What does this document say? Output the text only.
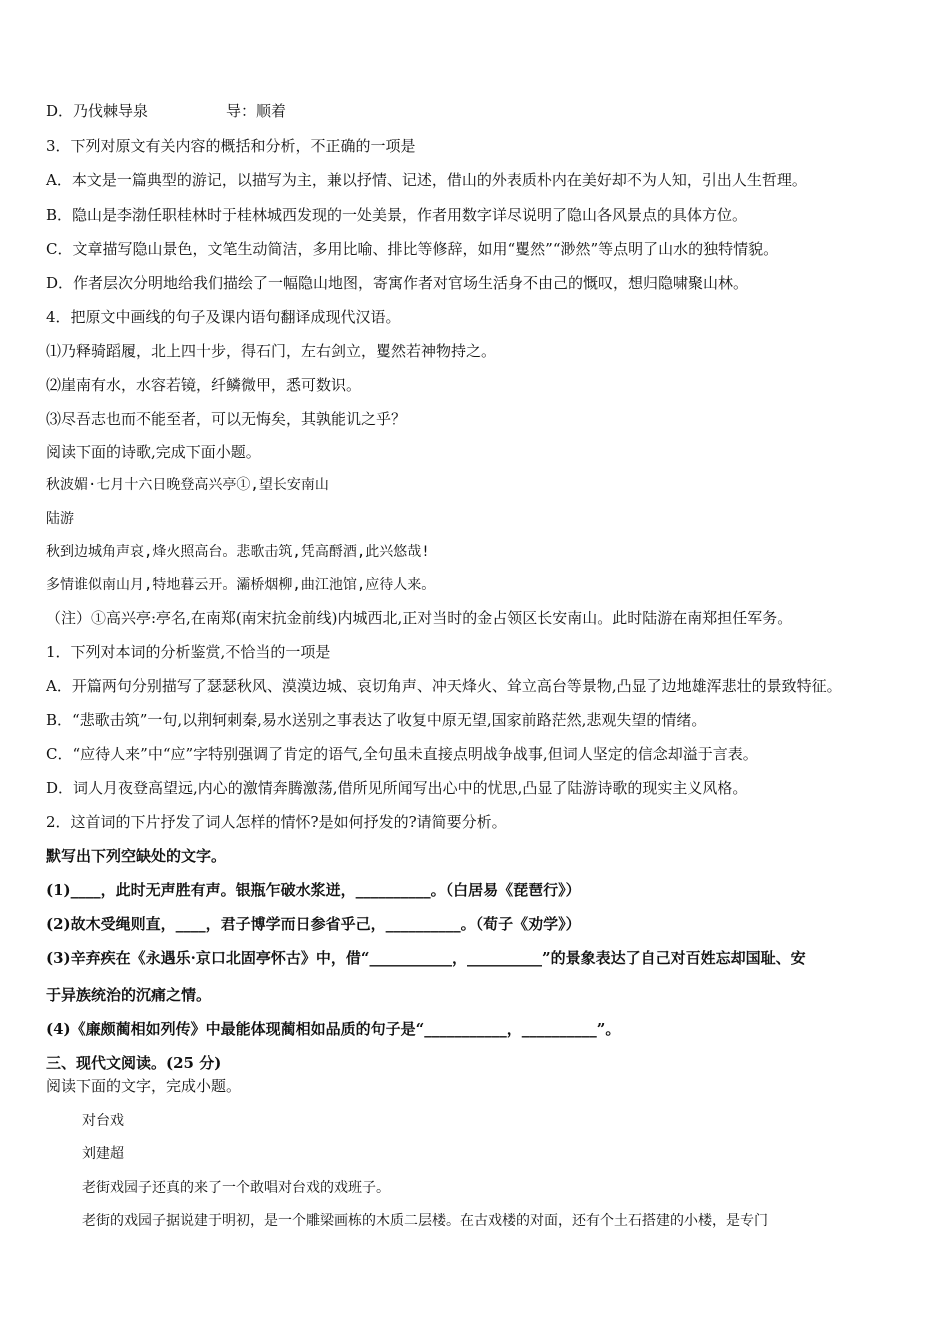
D．乃伐棘导泉	导：顺着
3．下列对原文有关内容的概括和分析，不正确的一项是
A．本文是一篇典型的游记，以描写为主，兼以抒情、记述，借山的外表质朴内在美好却不为人知，引出人生哲理。
B．隐山是李渤任职桂林时于桂林城西发现的一处美景，作者用数字详尽说明了隐山各风景点的具体方位。
C．文章描写隐山景色，文笔生动简洁，多用比喻、排比等修辞，如用“矍然”“渺然”等点明了山水的独特情貌。
D．作者层次分明地给我们描绘了一幅隐山地图，寄寓作者对官场生活身不由己的慨叹，想归隐啸聚山林。
4．把原文中画线的句子及课内语句翻译成现代汉语。
⑴乃释骑蹈履，北上四十步，得石门，左右剑立，矍然若神物持之。
⑵崖南有水，水容若镜，纤鳞微甲，悉可数识。
⑶尽吾志也而不能至者，可以无悔矣，其孰能讥之乎？
阅读下面的诗歌,完成下面小题。
秋波媚·七月十六日晚登高兴亭①,望长安南山
陆游
秋到边城角声哀,烽火照高台。悲歌击筑,凭高酹酒,此兴悠哉!
多情谁似南山月,特地暮云开。灞桥烟柳,曲江池馆,应待人来。
（注）①高兴亭:亭名,在南郑(南宋抗金前线)内城西北,正对当时的金占领区长安南山。此时陆游在南郑担任军务。
1．下列对本词的分析鉴赏,不恰当的一项是
A．开篇两句分别描写了瑟瑟秋风、漠漠边城、哀切角声、冲天烽火、耸立高台等景物,凸显了边地雄浑悲壮的景致特征。
B．“悲歌击筑”一句,以荆轲刺秦,易水送别之事表达了收复中原无望,国家前路茫然,悲观失望的情绪。
C．“应待人来”中“应”字特别强调了肯定的语气,全句虽未直接点明战争战事,但词人坚定的信念却溢于言表。
D．词人月夜登高望远,内心的激情奔腾激荡,借所见所闻写出心中的忧思,凸显了陆游诗歌的现实主义风格。
2．这首词的下片抒发了词人怎样的情怀?是如何抒发的?请简要分析。
默写出下列空缺处的文字。
(1)____，此时无声胜有声。银瓶乍破水浆迸，__________。（白居易《琵琶行》）
(2)故木受绳则直，____，君子博学而日参省乎己，__________。（荀子《劝学》）
(3)辛弃疾在《永遇乐·京口北固亭怀古》中，借“___________，__________”的景象表达了自己对百姓忘却国耻、安
于异族统治的沉痛之情。
(4)《廉颇蔺相如列传》中最能体现蔺相如品质的句子是“___________，__________”。
三、现代文阅读。(25 分)
阅读下面的文字，完成小题。
对台戏
刘建超
老街戏园子还真的来了一个敢唱对台戏的戏班子。
老街的戏园子据说建于明初，是一个雕梁画栋的木质二层楼。在古戏楼的对面，还有个土石搭建的小楼，是专门
